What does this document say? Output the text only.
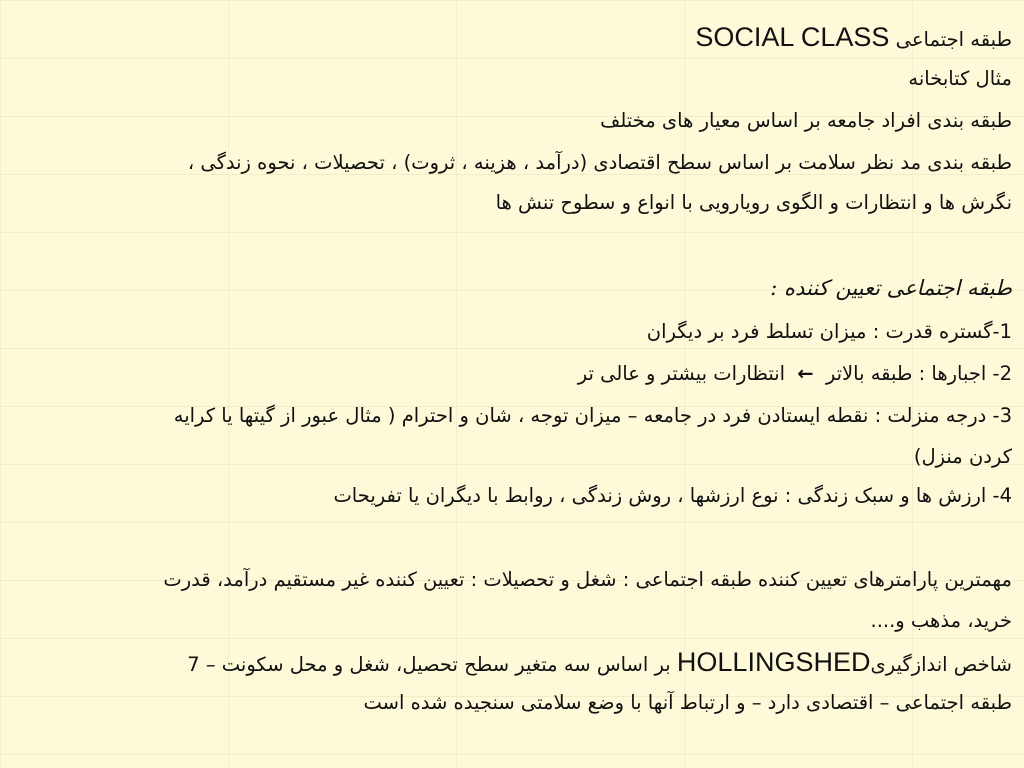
طبقه اجتماعی SOCIAL CLASS
مثال کتابخانه
طبقه بندی افراد جامعه بر اساس معیار های مختلف
طبقه بندی مد نظر سلامت بر اساس سطح اقتصادی (درآمد ، هزینه ، ثروت) ، تحصیلات ، نحوه زندگی ،
نگرش ها و انتظارات و الگوی رویارویی با انواع و سطوح تنش ها
طبقه اجتماعی تعیین کننده :
1-گستره قدرت : میزان تسلط فرد بر دیگران
2- اجبارها : طبقه بالاتر ← انتظارات بیشتر و عالی تر
3- درجه منزلت : نقطه ایستادن فرد در جامعه – میزان توجه ، شان و احترام ( مثال عبور از گیتها یا کرایه
کردن منزل)
4- ارزش ها و سبک زندگی : نوع ارزشها ، روش زندگی ، روابط با دیگران یا تفریحات
مهمترین پارامترهای تعیین کننده طبقه اجتماعی : شغل و تحصیلات : تعیین کننده غیر مستقیم درآمد، قدرت
خرید، مذهب و....
شاخص اندازگیریHOLLINGSHED بر اساس سه متغیر سطح تحصیل، شغل و محل سکونت – 7
طبقه اجتماعی – اقتصادی دارد – و ارتباط آنها با وضع سلامتی سنجیده شده است
